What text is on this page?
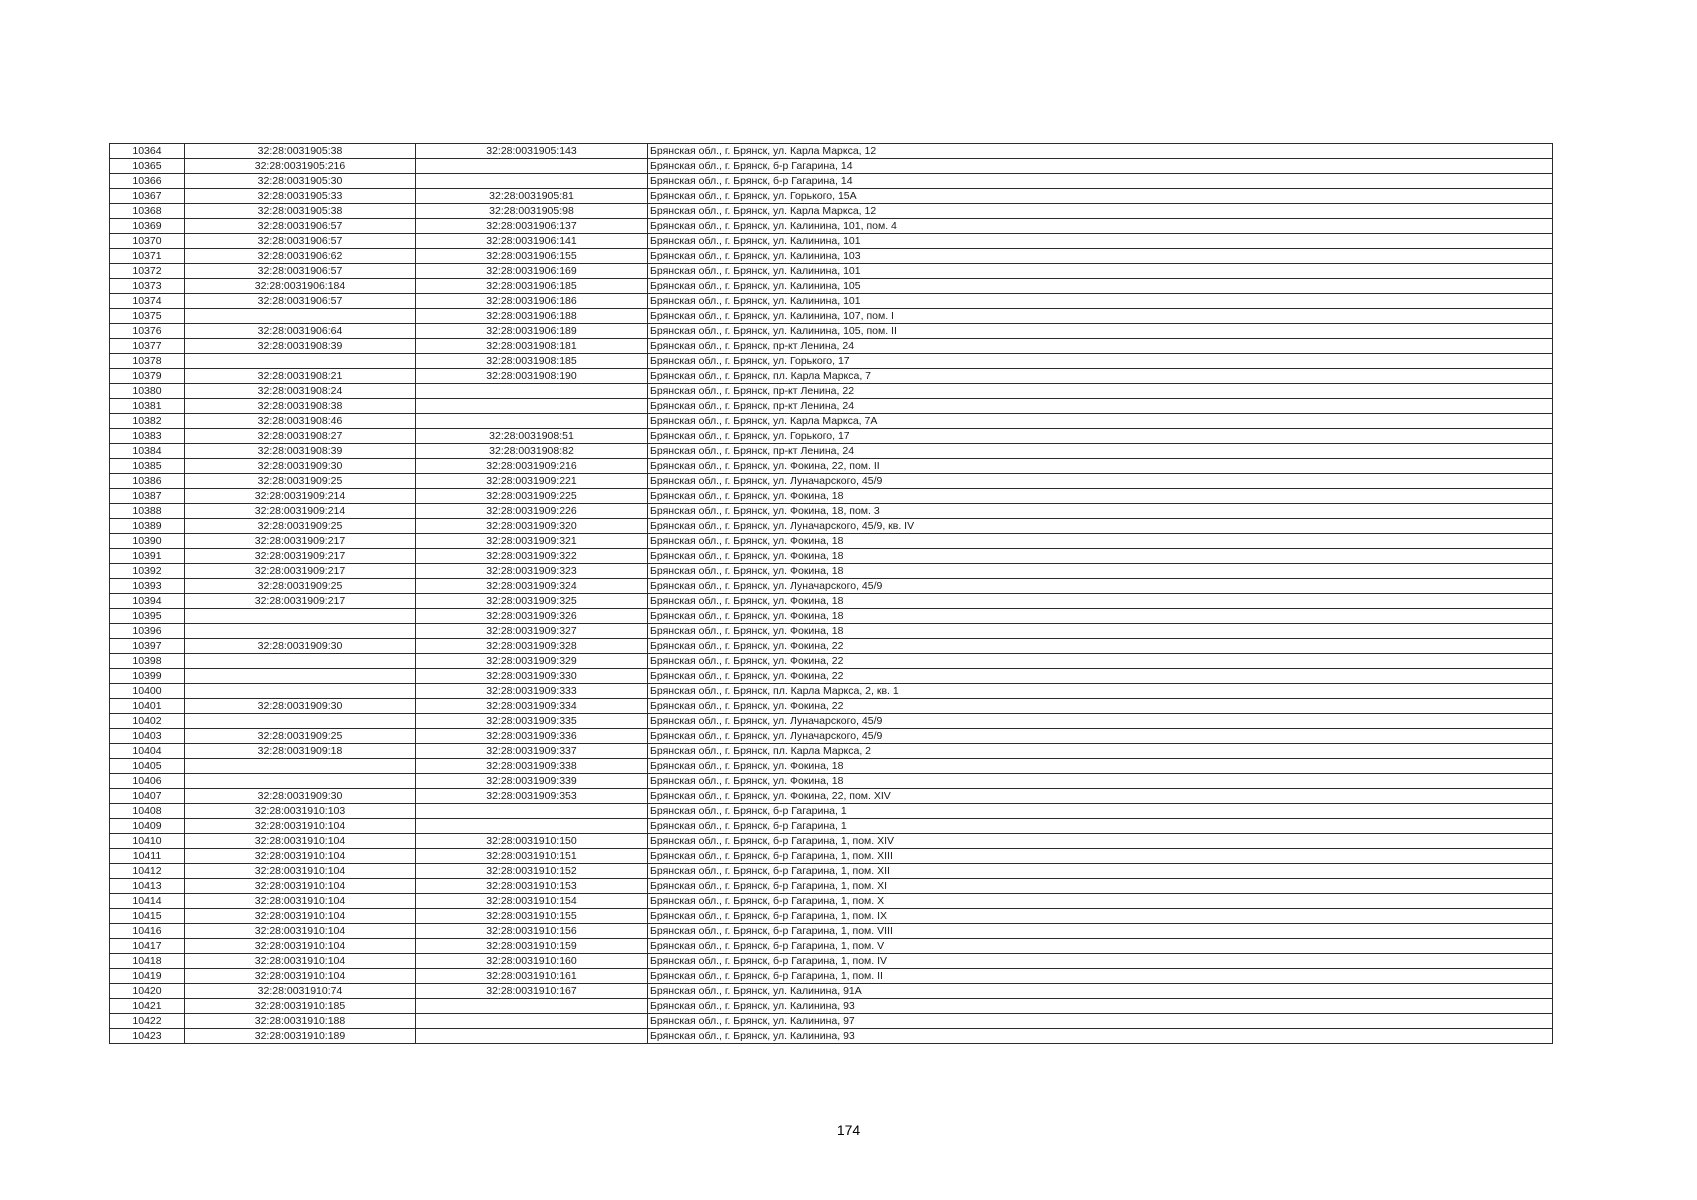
10364	32:28:0031905:38	32:28:0031905:143	Брянская обл., г. Брянск, ул. Карла Маркса, 12
10365	32:28:0031905:216		Брянская обл., г. Брянск, б-р Гагарина, 14
10366	32:28:0031905:30		Брянская обл., г. Брянск, б-р Гагарина, 14
10367	32:28:0031905:33	32:28:0031905:81	Брянская обл., г. Брянск, ул. Горького, 15А
10368	32:28:0031905:38	32:28:0031905:98	Брянская обл., г. Брянск, ул. Карла Маркса, 12
10369	32:28:0031906:57	32:28:0031906:137	Брянская обл., г. Брянск, ул. Калинина, 101, пом. 4
10370	32:28:0031906:57	32:28:0031906:141	Брянская обл., г. Брянск, ул. Калинина, 101
10371	32:28:0031906:62	32:28:0031906:155	Брянская обл., г. Брянск, ул. Калинина, 103
10372	32:28:0031906:57	32:28:0031906:169	Брянская обл., г. Брянск, ул. Калинина, 101
10373	32:28:0031906:184	32:28:0031906:185	Брянская обл., г. Брянск, ул. Калинина, 105
10374	32:28:0031906:57	32:28:0031906:186	Брянская обл., г. Брянск, ул. Калинина, 101
10375		32:28:0031906:188	Брянская обл., г. Брянск, ул. Калинина, 107, пом. I
10376	32:28:0031906:64	32:28:0031906:189	Брянская обл., г. Брянск, ул. Калинина, 105, пом. II
10377	32:28:0031908:39	32:28:0031908:181	Брянская обл., г. Брянск, пр-кт Ленина, 24
10378		32:28:0031908:185	Брянская обл., г. Брянск, ул. Горького, 17
10379	32:28:0031908:21	32:28:0031908:190	Брянская обл., г. Брянск, пл. Карла Маркса, 7
10380	32:28:0031908:24		Брянская обл., г. Брянск, пр-кт Ленина, 22
10381	32:28:0031908:38		Брянская обл., г. Брянск, пр-кт Ленина, 24
10382	32:28:0031908:46		Брянская обл., г. Брянск, ул. Карла Маркса, 7А
10383	32:28:0031908:27	32:28:0031908:51	Брянская обл., г. Брянск, ул. Горького, 17
10384	32:28:0031908:39	32:28:0031908:82	Брянская обл., г. Брянск, пр-кт Ленина, 24
10385	32:28:0031909:30	32:28:0031909:216	Брянская обл., г. Брянск, ул. Фокина, 22, пом. II
10386	32:28:0031909:25	32:28:0031909:221	Брянская обл., г. Брянск, ул. Луначарского, 45/9
10387	32:28:0031909:214	32:28:0031909:225	Брянская обл., г. Брянск, ул. Фокина, 18
10388	32:28:0031909:214	32:28:0031909:226	Брянская обл., г. Брянск, ул. Фокина, 18, пом. 3
10389	32:28:0031909:25	32:28:0031909:320	Брянская обл., г. Брянск, ул. Луначарского, 45/9, кв. IV
10390	32:28:0031909:217	32:28:0031909:321	Брянская обл., г. Брянск, ул. Фокина, 18
10391	32:28:0031909:217	32:28:0031909:322	Брянская обл., г. Брянск, ул. Фокина, 18
10392	32:28:0031909:217	32:28:0031909:323	Брянская обл., г. Брянск, ул. Фокина, 18
10393	32:28:0031909:25	32:28:0031909:324	Брянская обл., г. Брянск, ул. Луначарского, 45/9
10394	32:28:0031909:217	32:28:0031909:325	Брянская обл., г. Брянск, ул. Фокина, 18
10395		32:28:0031909:326	Брянская обл., г. Брянск, ул. Фокина, 18
10396		32:28:0031909:327	Брянская обл., г. Брянск, ул. Фокина, 18
10397	32:28:0031909:30	32:28:0031909:328	Брянская обл., г. Брянск, ул. Фокина, 22
10398		32:28:0031909:329	Брянская обл., г. Брянск, ул. Фокина, 22
10399		32:28:0031909:330	Брянская обл., г. Брянск, ул. Фокина, 22
10400		32:28:0031909:333	Брянская обл., г. Брянск, пл. Карла Маркса, 2, кв. 1
10401	32:28:0031909:30	32:28:0031909:334	Брянская обл., г. Брянск, ул. Фокина, 22
10402		32:28:0031909:335	Брянская обл., г. Брянск, ул. Луначарского, 45/9
10403	32:28:0031909:25	32:28:0031909:336	Брянская обл., г. Брянск, ул. Луначарского, 45/9
10404	32:28:0031909:18	32:28:0031909:337	Брянская обл., г. Брянск, пл. Карла Маркса, 2
10405		32:28:0031909:338	Брянская обл., г. Брянск, ул. Фокина, 18
10406		32:28:0031909:339	Брянская обл., г. Брянск, ул. Фокина, 18
10407	32:28:0031909:30	32:28:0031909:353	Брянская обл., г. Брянск, ул. Фокина, 22, пом. XIV
10408	32:28:0031910:103		Брянская обл., г. Брянск, б-р Гагарина, 1
10409	32:28:0031910:104		Брянская обл., г. Брянск, б-р Гагарина, 1
10410	32:28:0031910:104	32:28:0031910:150	Брянская обл., г. Брянск, б-р Гагарина, 1, пом. XIV
10411	32:28:0031910:104	32:28:0031910:151	Брянская обл., г. Брянск, б-р Гагарина, 1, пом. XIII
10412	32:28:0031910:104	32:28:0031910:152	Брянская обл., г. Брянск, б-р Гагарина, 1, пом. XII
10413	32:28:0031910:104	32:28:0031910:153	Брянская обл., г. Брянск, б-р Гагарина, 1, пом. XI
10414	32:28:0031910:104	32:28:0031910:154	Брянская обл., г. Брянск, б-р Гагарина, 1, пом. X
10415	32:28:0031910:104	32:28:0031910:155	Брянская обл., г. Брянск, б-р Гагарина, 1, пом. IX
10416	32:28:0031910:104	32:28:0031910:156	Брянская обл., г. Брянск, б-р Гагарина, 1, пом. VIII
10417	32:28:0031910:104	32:28:0031910:159	Брянская обл., г. Брянск, б-р Гагарина, 1, пом. V
10418	32:28:0031910:104	32:28:0031910:160	Брянская обл., г. Брянск, б-р Гагарина, 1, пом. IV
10419	32:28:0031910:104	32:28:0031910:161	Брянская обл., г. Брянск, б-р Гагарина, 1, пом. II
10420	32:28:0031910:74	32:28:0031910:167	Брянская обл., г. Брянск, ул. Калинина, 91А
10421	32:28:0031910:185		Брянская обл., г. Брянск, ул. Калинина, 93
10422	32:28:0031910:188		Брянская обл., г. Брянск, ул. Калинина, 97
10423	32:28:0031910:189		Брянская обл., г. Брянск, ул. Калинина, 93
174
